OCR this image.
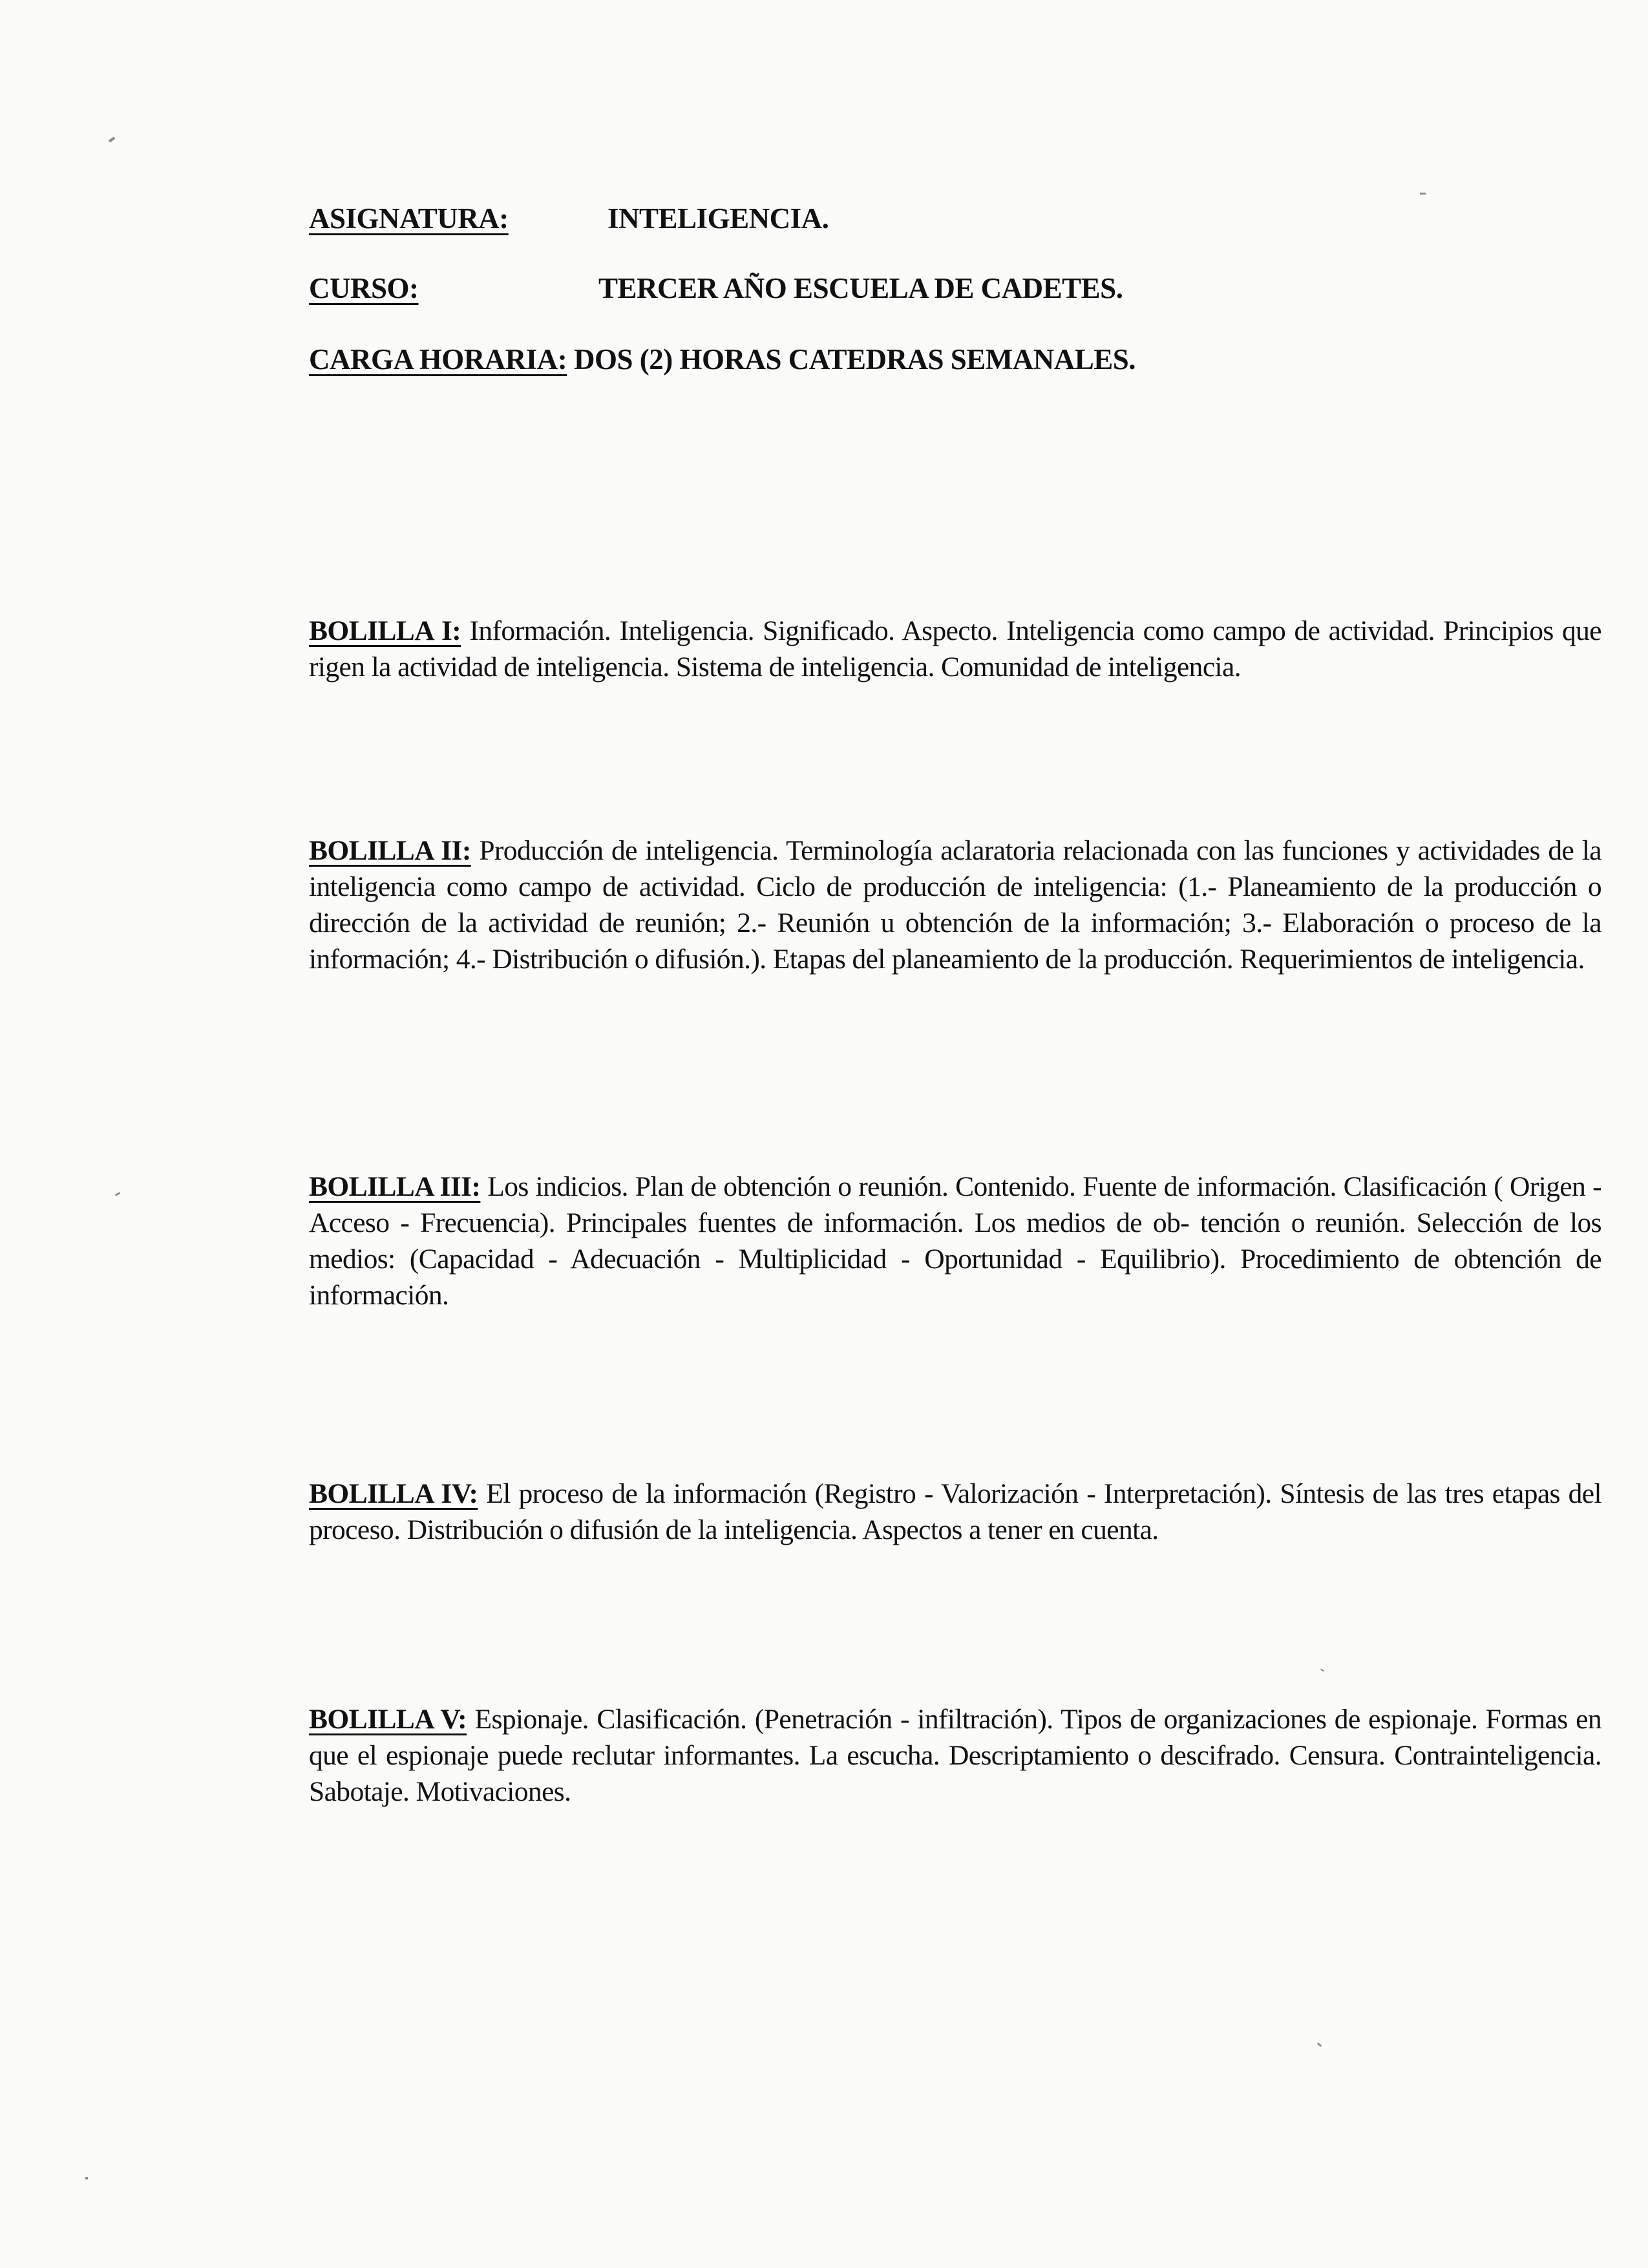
ASIGNATURA:	INTELIGENCIA.
CURSO:	TERCER AÑO ESCUELA DE CADETES.
CARGA HORARIA: DOS (2) HORAS CATEDRAS SEMANALES.
BOLILLA I: Información. Inteligencia. Significado. Aspecto. Inteligencia como campo de actividad. Principios que rigen la actividad de inteligencia. Sistema de inteligencia. Comunidad de inteligencia.
BOLILLA II: Producción de inteligencia. Terminología aclaratoria relacionada con las funciones y actividades de la inteligencia como campo de actividad. Ciclo de producción de inteligencia: (1.- Planeamiento de la producción o dirección de la actividad de reunión; 2.- Reunión u obtención de la información; 3.- Elaboración o proceso de la información; 4.- Distribución o difusión.). Etapas del planeamiento de la producción. Requerimientos de inteligencia.
BOLILLA III: Los indicios. Plan de obtención o reunión. Contenido. Fuente de información. Clasificación ( Origen - Acceso - Frecuencia). Principales fuentes de información. Los medios de ob- tención o reunión. Selección de los medios: (Capacidad - Adecuación - Multiplicidad - Oportunidad - Equilibrio). Procedimiento de obtención de información.
BOLILLA IV: El proceso de la información (Registro - Valorización - Interpretación). Síntesis de las tres etapas del proceso. Distribución o difusión de la inteligencia. Aspectos a tener en cuenta.
BOLILLA V: Espionaje. Clasificación. (Penetración - infiltración). Tipos de organizaciones de espionaje. Formas en que el espionaje puede reclutar informantes. La escucha. Descriptamiento o descifrado. Censura. Contrainteligencia. Sabotaje. Motivaciones.
